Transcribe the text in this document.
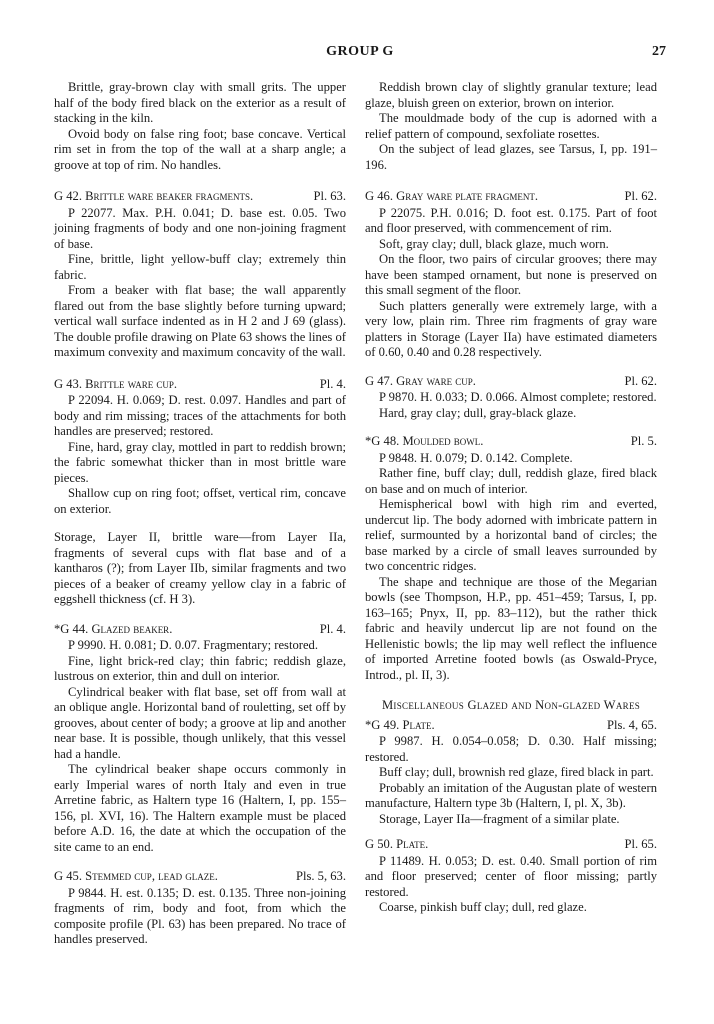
GROUP G	27

Brittle, gray-brown clay with small grits. The upper half of the body fired black on the exterior as a result of stacking in the kiln.

Ovoid body on false ring foot; base concave. Vertical rim set in from the top of the wall at a sharp angle; a groove at top of rim. No handles.

G 42. Brittle ware beaker fragments.	Pl. 63.

P 22077. Max. P.H. 0.041; D. base est. 0.05. Two joining fragments of body and one non-joining fragment of base.

Fine, brittle, light yellow-buff clay; extremely thin fabric.

From a beaker with flat base; the wall apparently flared out from the base slightly before turning upward; vertical wall surface indented as in H 2 and J 69 (glass). The double profile drawing on Plate 63 shows the lines of maximum convexity and maximum concavity of the wall.

G 43. Brittle ware cup.	Pl. 4.

P 22094. H. 0.069; D. rest. 0.097. Handles and part of body and rim missing; traces of the attachments for both handles are preserved; restored.

Fine, hard, gray clay, mottled in part to reddish brown; the fabric somewhat thicker than in most brittle ware pieces.

Shallow cup on ring foot; offset, vertical rim, concave on exterior.

Storage, Layer II, brittle ware—from Layer IIa, fragments of several cups with flat base and of a kantharos (?); from Layer IIb, similar fragments and two pieces of a beaker of creamy yellow clay in a fabric of eggshell thickness (cf. H 3).

*G 44. Glazed beaker.	Pl. 4.

P 9990. H. 0.081; D. 0.07. Fragmentary; restored.

Fine, light brick-red clay; thin fabric; reddish glaze, lustrous on exterior, thin and dull on interior.

Cylindrical beaker with flat base, set off from wall at an oblique angle. Horizontal band of rouletting, set off by grooves, about center of body; a groove at lip and another near base. It is possible, though unlikely, that this vessel had a handle.

The cylindrical beaker shape occurs commonly in early Imperial wares of north Italy and even in true Arretine fabric, as Haltern type 16 (Haltern, I, pp. 155–156, pl. XVI, 16). The Haltern example must be placed before A.D. 16, the date at which the occupation of the site came to an end.

G 45. Stemmed cup, lead glaze.	Pls. 5, 63.

P 9844. H. est. 0.135; D. est. 0.135. Three non-joining fragments of rim, body and foot, from which the composite profile (Pl. 63) has been prepared. No trace of handles preserved.

Reddish brown clay of slightly granular texture; lead glaze, bluish green on exterior, brown on interior.

The mouldmade body of the cup is adorned with a relief pattern of compound, sexfoliate rosettes.

On the subject of lead glazes, see Tarsus, I, pp. 191–196.

G 46. Gray ware plate fragment.	Pl. 62.

P 22075. P.H. 0.016; D. foot est. 0.175. Part of foot and floor preserved, with commencement of rim.

Soft, gray clay; dull, black glaze, much worn.

On the floor, two pairs of circular grooves; there may have been stamped ornament, but none is preserved on this small segment of the floor.

Such platters generally were extremely large, with a very low, plain rim. Three rim fragments of gray ware platters in Storage (Layer IIa) have estimated diameters of 0.60, 0.40 and 0.28 respectively.

G 47. Gray ware cup.	Pl. 62.

P 9870. H. 0.033; D. 0.066. Almost complete; restored.

Hard, gray clay; dull, gray-black glaze.

*G 48. Moulded bowl.	Pl. 5.

P 9848. H. 0.079; D. 0.142. Complete.

Rather fine, buff clay; dull, reddish glaze, fired black on base and on much of interior.

Hemispherical bowl with high rim and everted, undercut lip. The body adorned with imbricate pattern in relief, surmounted by a horizontal band of circles; the base marked by a circle of small leaves surrounded by two concentric ridges.

The shape and technique are those of the Megarian bowls (see Thompson, H.P., pp. 451–459; Tarsus, I, pp. 163–165; Pnyx, II, pp. 83–112), but the rather thick fabric and heavily undercut lip are not found on the Hellenistic bowls; the lip may well reflect the influence of imported Arretine footed bowls (as Oswald-Pryce, Introd., pl. II, 3).

Miscellaneous Glazed and Non-glazed Wares
*G 49. Plate.	Pls. 4, 65.

P 9987. H. 0.054–0.058; D. 0.30. Half missing; restored.

Buff clay; dull, brownish red glaze, fired black in part.

Probably an imitation of the Augustan plate of western manufacture, Haltern type 3b (Haltern, I, pl. X, 3b).

Storage, Layer IIa—fragment of a similar plate.

G 50. Plate.	Pl. 65.

P 11489. H. 0.053; D. est. 0.40. Small portion of rim and floor preserved; center of floor missing; partly restored.

Coarse, pinkish buff clay; dull, red glaze.
